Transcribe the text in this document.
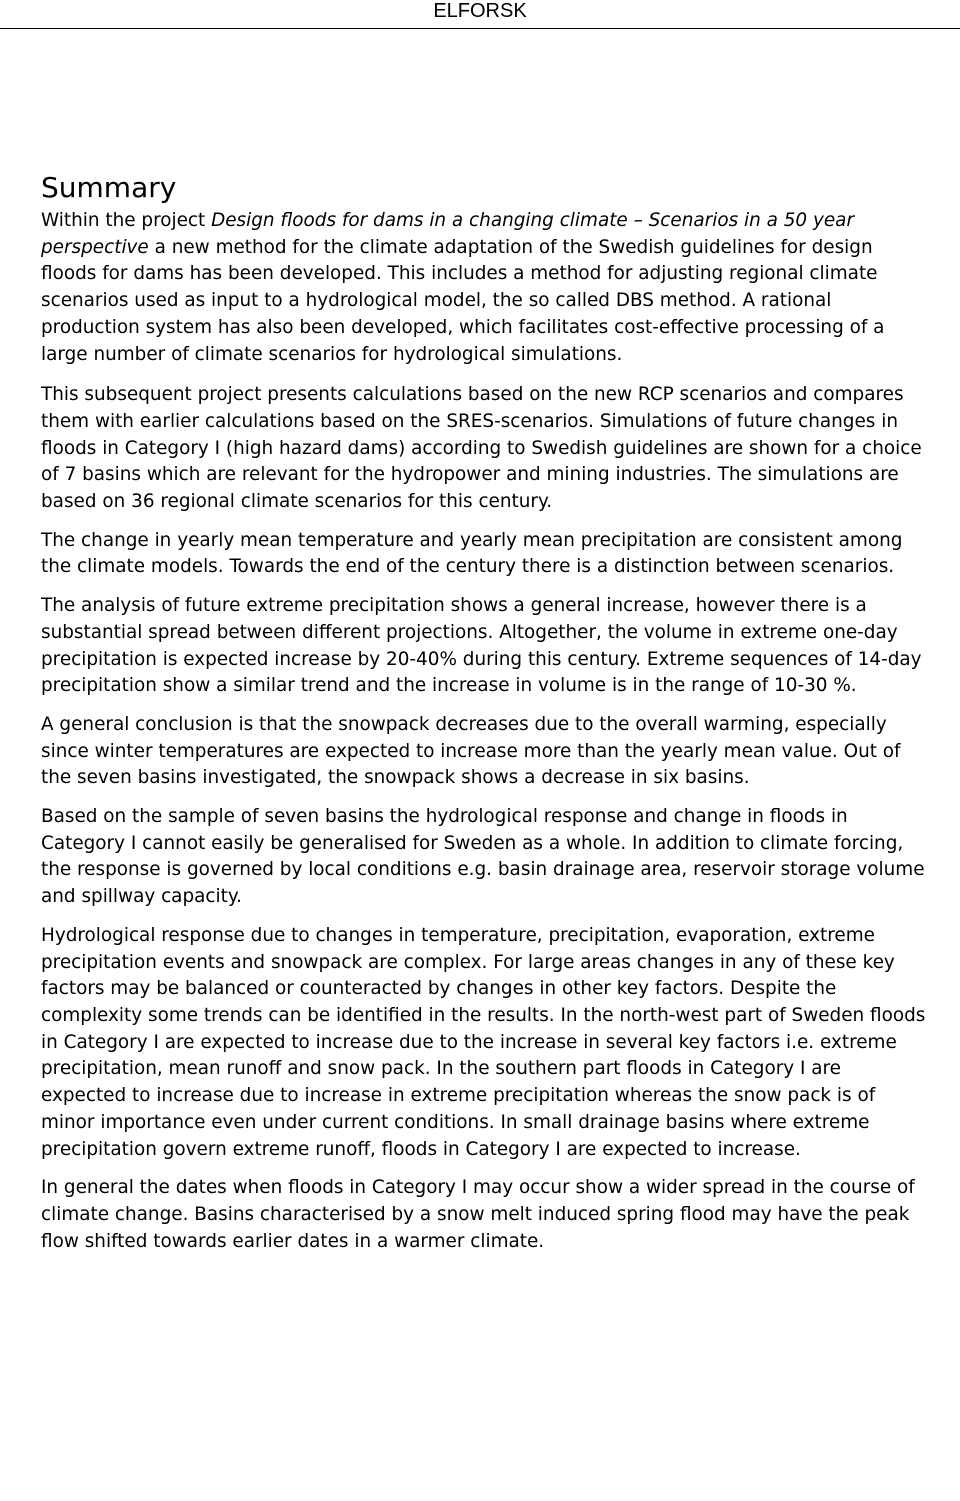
ELFORSK
Summary

Within the project Design floods for dams in a changing climate – Scenarios in a 50 year perspective a new method for the climate adaptation of the Swedish guidelines for design floods for dams has been developed. This includes a method for adjusting regional climate scenarios used as input to a hydrological model, the so called DBS method. A rational production system has also been developed, which facilitates cost-effective processing of a large number of climate scenarios for hydrological simulations.

This subsequent project presents calculations based on the new RCP scenarios and compares them with earlier calculations based on the SRES-scenarios. Simulations of future changes in floods in Category I (high hazard dams) according to Swedish guidelines are shown for a choice of 7 basins which are relevant for the hydropower and mining industries. The simulations are based on 36 regional climate scenarios for this century.

The change in yearly mean temperature and yearly mean precipitation are consistent among the climate models. Towards the end of the century there is a distinction between scenarios.

The analysis of future extreme precipitation shows a general increase, however there is a substantial spread between different projections. Altogether, the volume in extreme one-day precipitation is expected increase by 20-40% during this century. Extreme sequences of 14-day precipitation show a similar trend and the increase in volume is in the range of 10-30 %.

A general conclusion is that the snowpack decreases due to the overall warming, especially since winter temperatures are expected to increase more than the yearly mean value. Out of the seven basins investigated, the snowpack shows a decrease in six basins.

Based on the sample of seven basins the hydrological response and change in floods in Category I cannot easily be generalised for Sweden as a whole. In addition to climate forcing, the response is governed by local conditions e.g. basin drainage area, reservoir storage volume and spillway capacity.

Hydrological response due to changes in temperature, precipitation, evaporation, extreme precipitation events and snowpack are complex. For large areas changes in any of these key factors may be balanced or counteracted by changes in other key factors. Despite the complexity some trends can be identified in the results. In the north-west part of Sweden floods in Category I are expected to increase due to the increase in several key factors i.e. extreme precipitation, mean runoff and snow pack. In the southern part floods in Category I are expected to increase due to increase in extreme precipitation whereas the snow pack is of minor importance even under current conditions. In small drainage basins where extreme precipitation govern extreme runoff, floods in Category I are expected to increase.

In general the dates when floods in Category I may occur show a wider spread in the course of climate change. Basins characterised by a snow melt induced spring flood may have the peak flow shifted towards earlier dates in a warmer climate.
